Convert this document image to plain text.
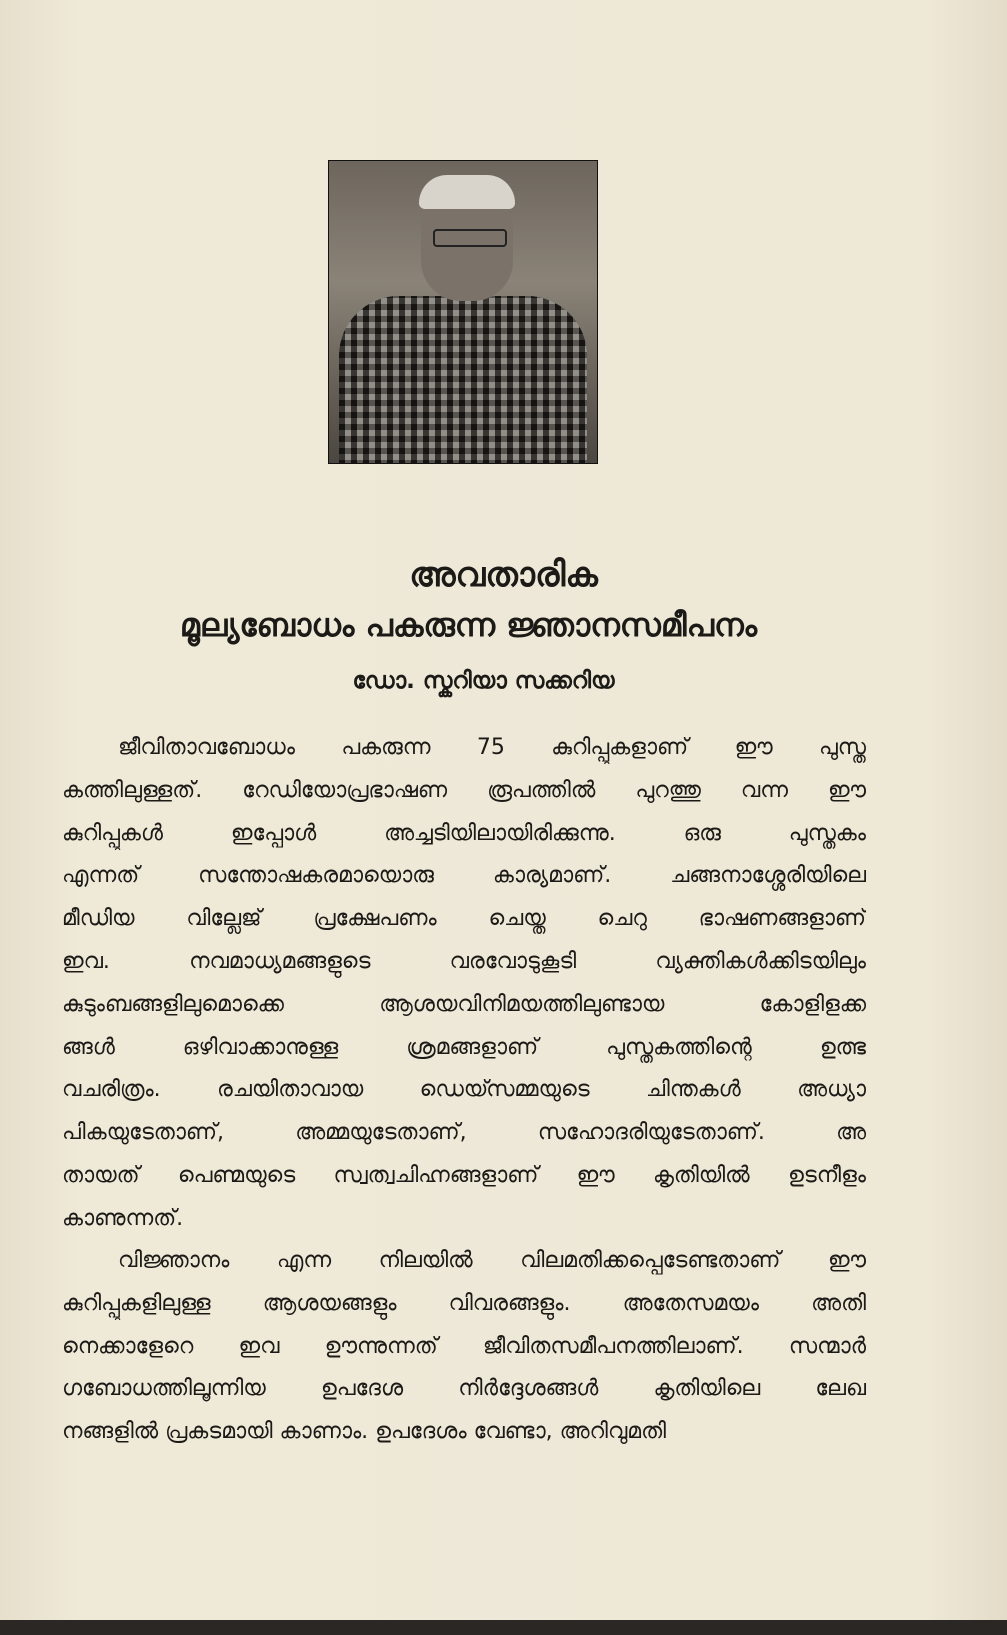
അവതാരിക
മൂല്യബോധം പകരുന്ന ജ്ഞാനസമീപനം
ഡോ. സ്കറിയാ സക്കറിയ
ജീവിതാവബോധം പകരുന്ന 75 കുറിപ്പുകളാണ് ഈ പുസ്ത
കത്തിലുള്ളത്. റേഡിയോപ്രഭാഷണ രൂപത്തിൽ പുറത്തു വന്ന ഈ
കുറിപ്പുകൾ ഇപ്പോൾ അച്ചടിയിലായിരിക്കുന്നു. ഒരു പുസ്തകം
എന്നത് സന്തോഷകരമായൊരു കാര്യമാണ്. ചങ്ങനാശ്ശേരിയിലെ
മീഡിയ വില്ലേജ് പ്രക്ഷേപണം ചെയ്ത ചെറു ഭാഷണങ്ങളാണ്
ഇവ. നവമാധ്യമങ്ങളുടെ വരവോടുകൂടി വ്യക്തികൾക്കിടയിലും
കുടുംബങ്ങളിലുമൊക്കെ ആശയവിനിമയത്തിലുണ്ടായ കോളിളക്ക
ങ്ങൾ ഒഴിവാക്കാനുള്ള ശ്രമങ്ങളാണ് പുസ്തകത്തിന്റെ ഉത്ഭ
വചരിത്രം. രചയിതാവായ ഡെയ്സമ്മയുടെ ചിന്തകൾ അധ്യാ
പികയുടേതാണ്, അമ്മയുടേതാണ്, സഹോദരിയുടേതാണ്. അ
തായത് പെണ്മയുടെ സ്വത്വചിഹ്നങ്ങളാണ് ഈ കൃതിയിൽ ഉടനീളം
കാണുന്നത്.
വിജ്ഞാനം എന്ന നിലയിൽ വിലമതിക്കപ്പെടേണ്ടതാണ് ഈ
കുറിപ്പുകളിലുള്ള ആശയങ്ങളും വിവരങ്ങളും. അതേസമയം അതി
നെക്കാളേറെ ഇവ ഊന്നുന്നത് ജീവിതസമീപനത്തിലാണ്. സന്മാർ
ഗബോധത്തിലൂന്നിയ ഉപദേശ നിർദ്ദേശങ്ങൾ കൃതിയിലെ ലേഖ
നങ്ങളിൽ പ്രകടമായി കാണാം. ഉപദേശം വേണ്ടാ, അറിവുമതി
